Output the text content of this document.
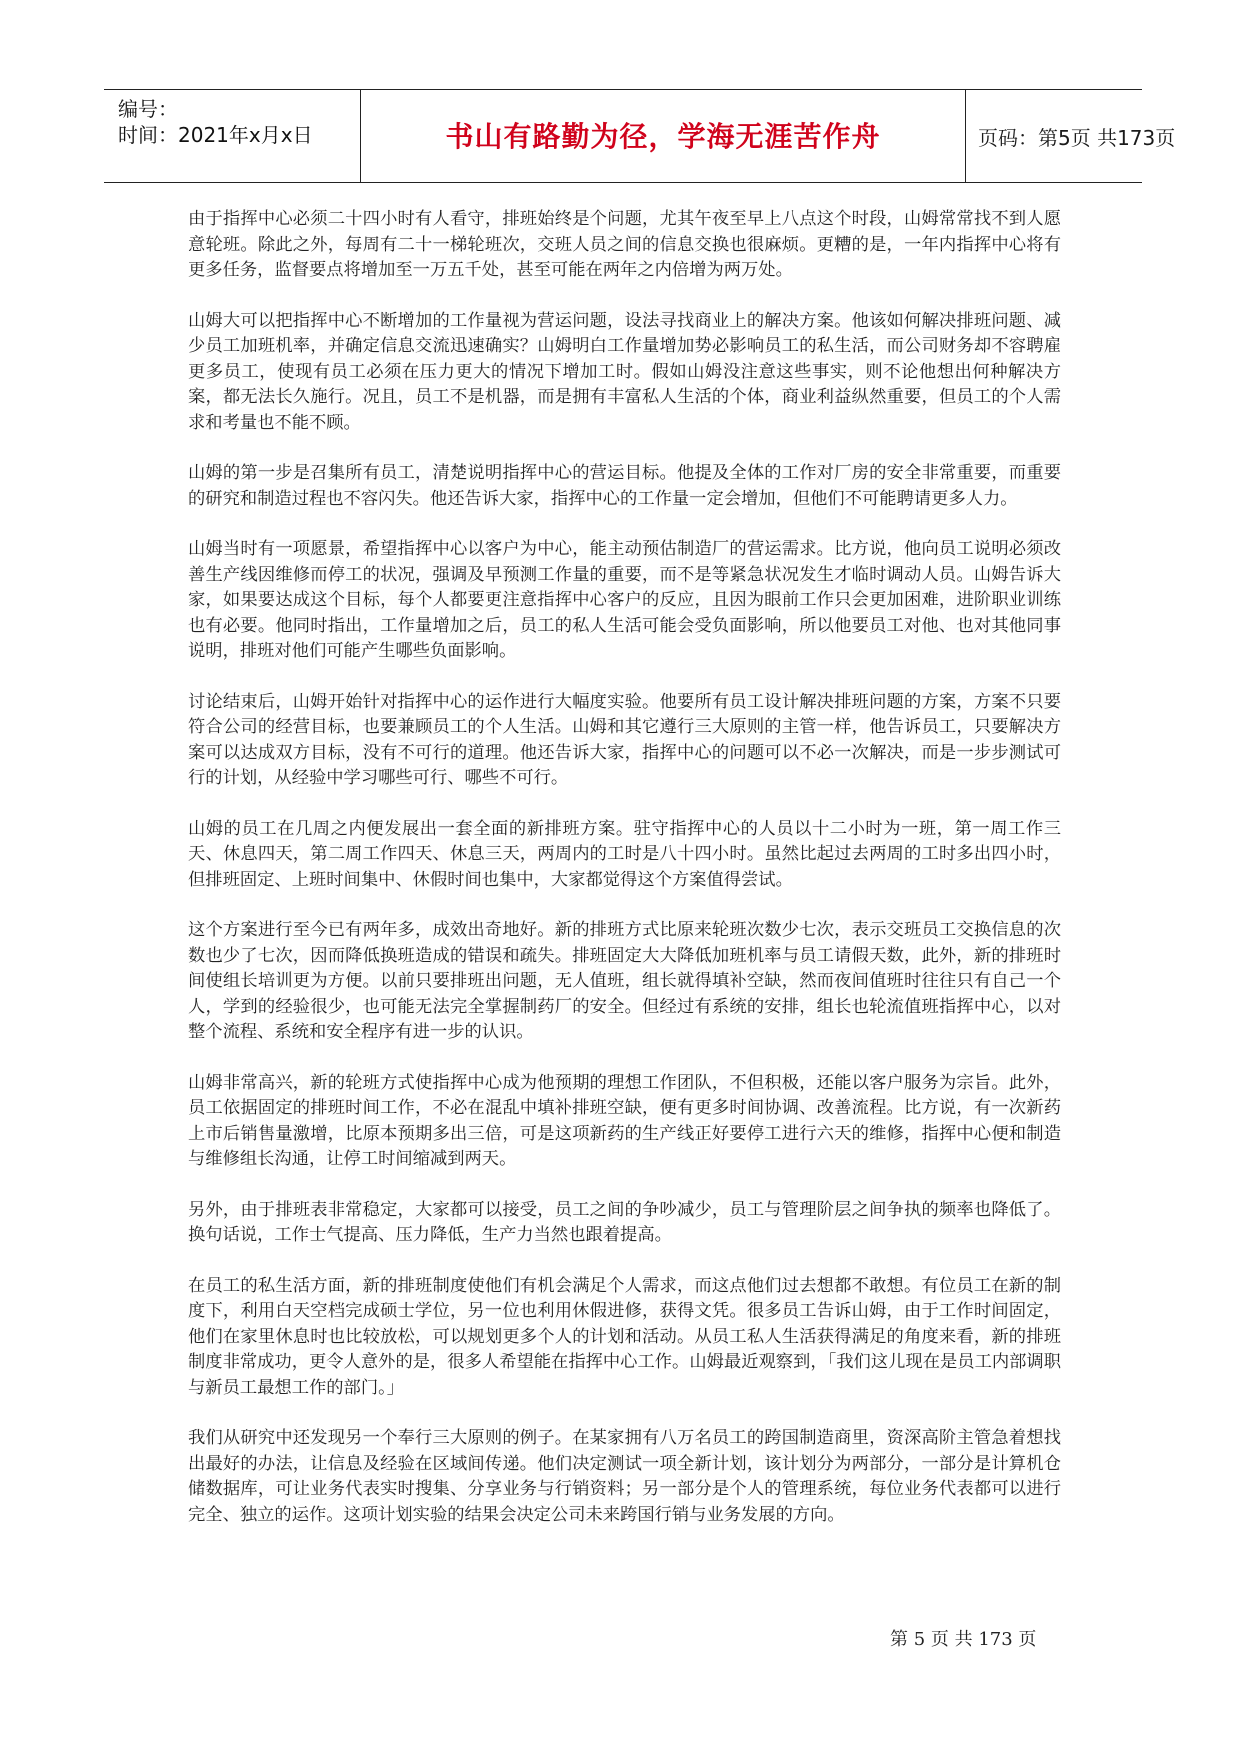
编号：
时间：2021年x月x日	书山有路勤为径，学海无涯苦作舟	页码：第5页 共173页

由于指挥中心必须二十四小时有人看守，排班始终是个问题，尤其午夜至早上八点这个时段，山姆常常找不到人愿意轮班。除此之外，每周有二十一梯轮班次，交班人员之间的信息交换也很麻烦。更糟的是，一年内指挥中心将有更多任务，监督要点将增加至一万五千处，甚至可能在两年之内倍增为两万处。

山姆大可以把指挥中心不断增加的工作量视为营运问题，设法寻找商业上的解决方案。他该如何解决排班问题、减少员工加班机率，并确定信息交流迅速确实？山姆明白工作量增加势必影响员工的私生活，而公司财务却不容聘雇更多员工，使现有员工必须在压力更大的情况下增加工时。假如山姆没注意这些事实，则不论他想出何种解决方案，都无法长久施行。况且，员工不是机器，而是拥有丰富私人生活的个体，商业利益纵然重要，但员工的个人需求和考量也不能不顾。

山姆的第一步是召集所有员工，清楚说明指挥中心的营运目标。他提及全体的工作对厂房的安全非常重要，而重要的研究和制造过程也不容闪失。他还告诉大家，指挥中心的工作量一定会增加，但他们不可能聘请更多人力。

山姆当时有一项愿景，希望指挥中心以客户为中心，能主动预估制造厂的营运需求。比方说，他向员工说明必须改善生产线因维修而停工的状况，强调及早预测工作量的重要，而不是等紧急状况发生才临时调动人员。山姆告诉大家，如果要达成这个目标，每个人都要更注意指挥中心客户的反应，且因为眼前工作只会更加困难，进阶职业训练也有必要。他同时指出，工作量增加之后，员工的私人生活可能会受负面影响，所以他要员工对他、也对其他同事说明，排班对他们可能产生哪些负面影响。

讨论结束后，山姆开始针对指挥中心的运作进行大幅度实验。他要所有员工设计解决排班问题的方案，方案不只要符合公司的经营目标，也要兼顾员工的个人生活。山姆和其它遵行三大原则的主管一样，他告诉员工，只要解决方案可以达成双方目标，没有不可行的道理。他还告诉大家，指挥中心的问题可以不必一次解决，而是一步步测试可行的计划，从经验中学习哪些可行、哪些不可行。

山姆的员工在几周之内便发展出一套全面的新排班方案。驻守指挥中心的人员以十二小时为一班，第一周工作三天、休息四天，第二周工作四天、休息三天，两周内的工时是八十四小时。虽然比起过去两周的工时多出四小时，但排班固定、上班时间集中、休假时间也集中，大家都觉得这个方案值得尝试。

这个方案进行至今已有两年多，成效出奇地好。新的排班方式比原来轮班次数少七次，表示交班员工交换信息的次数也少了七次，因而降低换班造成的错误和疏失。排班固定大大降低加班机率与员工请假天数，此外，新的排班时间使组长培训更为方便。以前只要排班出问题，无人值班，组长就得填补空缺，然而夜间值班时往往只有自己一个人，学到的经验很少，也可能无法完全掌握制药厂的安全。但经过有系统的安排，组长也轮流值班指挥中心，以对整个流程、系统和安全程序有进一步的认识。

山姆非常高兴，新的轮班方式使指挥中心成为他预期的理想工作团队，不但积极，还能以客户服务为宗旨。此外，员工依据固定的排班时间工作，不必在混乱中填补排班空缺，便有更多时间协调、改善流程。比方说，有一次新药上市后销售量激增，比原本预期多出三倍，可是这项新药的生产线正好要停工进行六天的维修，指挥中心便和制造与维修组长沟通，让停工时间缩减到两天。

另外，由于排班表非常稳定，大家都可以接受，员工之间的争吵减少，员工与管理阶层之间争执的频率也降低了。换句话说，工作士气提高、压力降低，生产力当然也跟着提高。

在员工的私生活方面，新的排班制度使他们有机会满足个人需求，而这点他们过去想都不敢想。有位员工在新的制度下，利用白天空档完成硕士学位，另一位也利用休假进修，获得文凭。很多员工告诉山姆，由于工作时间固定，他们在家里休息时也比较放松，可以规划更多个人的计划和活动。从员工私人生活获得满足的角度来看，新的排班制度非常成功，更令人意外的是，很多人希望能在指挥中心工作。山姆最近观察到，「我们这儿现在是员工内部调职与新员工最想工作的部门。」

我们从研究中还发现另一个奉行三大原则的例子。在某家拥有八万名员工的跨国制造商里，资深高阶主管急着想找出最好的办法，让信息及经验在区域间传递。他们决定测试一项全新计划，该计划分为两部分，一部分是计算机仓储数据库，可让业务代表实时搜集、分享业务与行销资料；另一部分是个人的管理系统，每位业务代表都可以进行完全、独立的运作。这项计划实验的结果会决定公司未来跨国行销与业务发展的方向。

第 5 页 共 173 页
